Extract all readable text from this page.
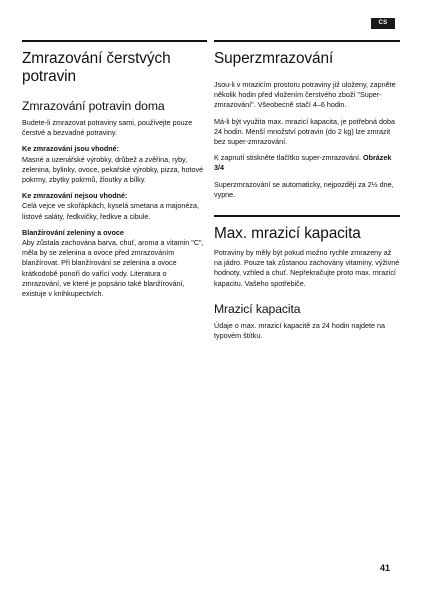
CS
Zmrazování čerstvých potravin
Zmrazování potravin doma

Budete-li zmrazovat potraviny sami, používejte pouze čerstvé a bezvadné potraviny.

Ke zmrazování jsou vhodné:

Masné a uzenářské výrobky, drůbež a zvěřina, ryby, zelenina, bylinky, ovoce, pekařské výrobky, pizza, hotové pokrmy, zbytky pokrmů, žloutky a bílky.

Ke zmrazování nejsou vhodné:

Celá vejce ve skořápkách, kyselá smetana a majonéza, listové saláty, ředkvičky, ředkve a cibule.

Blanžírování zeleniny a ovoce

Aby zůstala zachována barva, chuť, aroma a vitamin "C", měla by se zelenina a ovoce před zmrazováním blanžírovat. Při blanžírování se zelenina a ovoce krátkodobě ponoří do vařící vody. Literatura o zmrazování, ve které je popsáno také blanžírování, existuje v knihkupectvích.

Superzmrazování

Jsou-li v mrazicím prostoru potraviny již uloženy, zapněte několik hodin před vložením čerstvého zboží "Super-zmrazování". Všeobecně stačí 4–6 hodin.

Má-li být využita max. mrazicí kapacita, je potřebná doba 24 hodin. Menší množství potravin (do 2 kg) lze zmrazit bez super-zmrazování.

K zapnutí stiskněte tlačítko super-zmrazování. Obrázek 3/4

Superzmrazování se automaticky, nejpozději za 2½ dne, vypne.

Max. mrazicí kapacita

Potraviny by měly být pokud možno rychle zmrazeny až na jádro. Pouze tak zůstanou zachovány vitaminy, výživné hodnoty, vzhled a chuť. Nepřekračujte proto max. mrazicí kapacitu. Vašeho spotřebiče.

Mrazicí kapacita

Údaje o max. mrazicí kapacitě za 24 hodin najdete na typovém štítku.

41
